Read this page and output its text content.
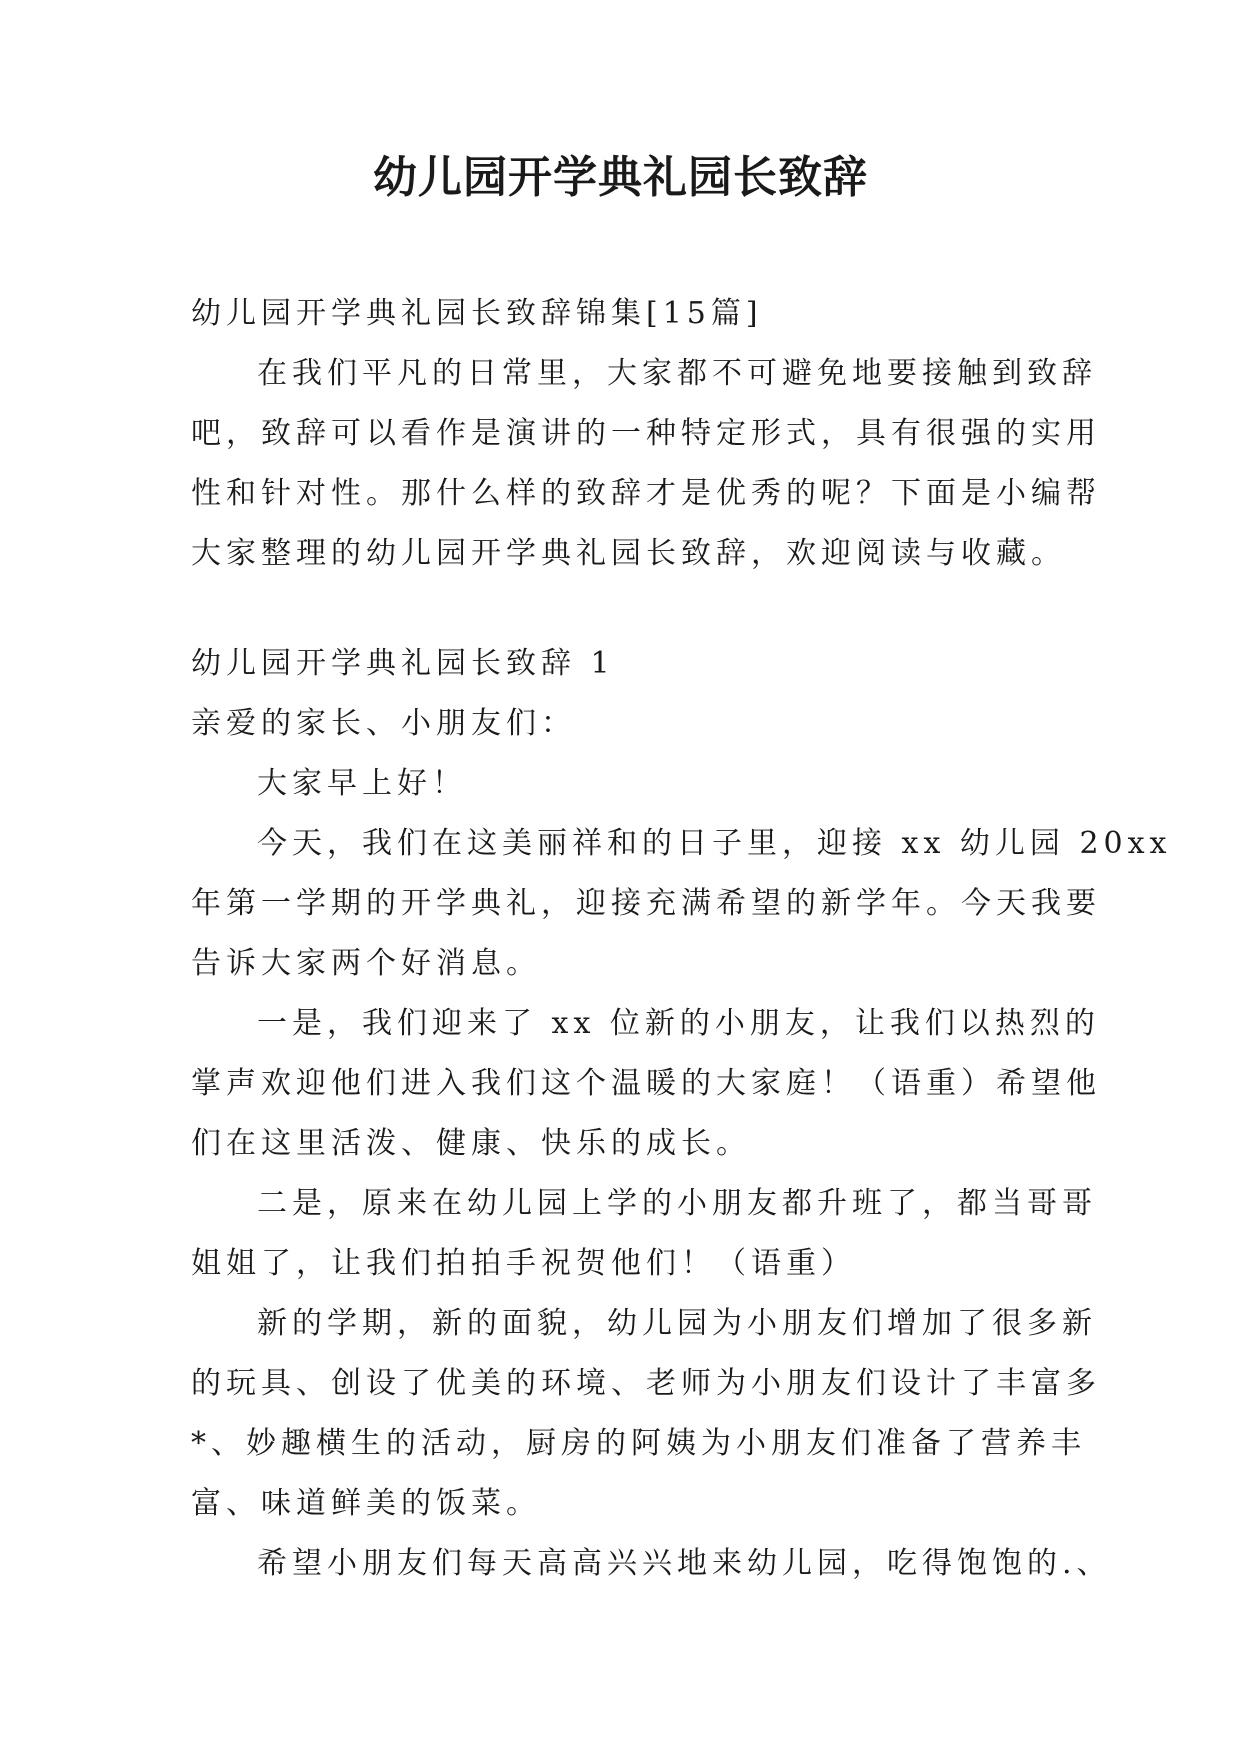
幼儿园开学典礼园长致辞
幼儿园开学典礼园长致辞锦集[15篇]
在我们平凡的日常里，大家都不可避免地要接触到致辞
吧，致辞可以看作是演讲的一种特定形式，具有很强的实用
性和针对性。那什么样的致辞才是优秀的呢？下面是小编帮
大家整理的幼儿园开学典礼园长致辞，欢迎阅读与收藏。
幼儿园开学典礼园长致辞 1
亲爱的家长、小朋友们：
大家早上好！
今天，我们在这美丽祥和的日子里，迎接 xx 幼儿园 20xx
年第一学期的开学典礼，迎接充满希望的新学年。今天我要
告诉大家两个好消息。
一是，我们迎来了 xx 位新的小朋友，让我们以热烈的
掌声欢迎他们进入我们这个温暖的大家庭！（语重）希望他
们在这里活泼、健康、快乐的成长。
二是，原来在幼儿园上学的小朋友都升班了，都当哥哥
姐姐了，让我们拍拍手祝贺他们！（语重）
新的学期，新的面貌，幼儿园为小朋友们增加了很多新
的玩具、创设了优美的环境、老师为小朋友们设计了丰富多
*、妙趣横生的活动，厨房的阿姨为小朋友们准备了营养丰
富、味道鲜美的饭菜。
希望小朋友们每天高高兴兴地来幼儿园，吃得饱饱的.、
